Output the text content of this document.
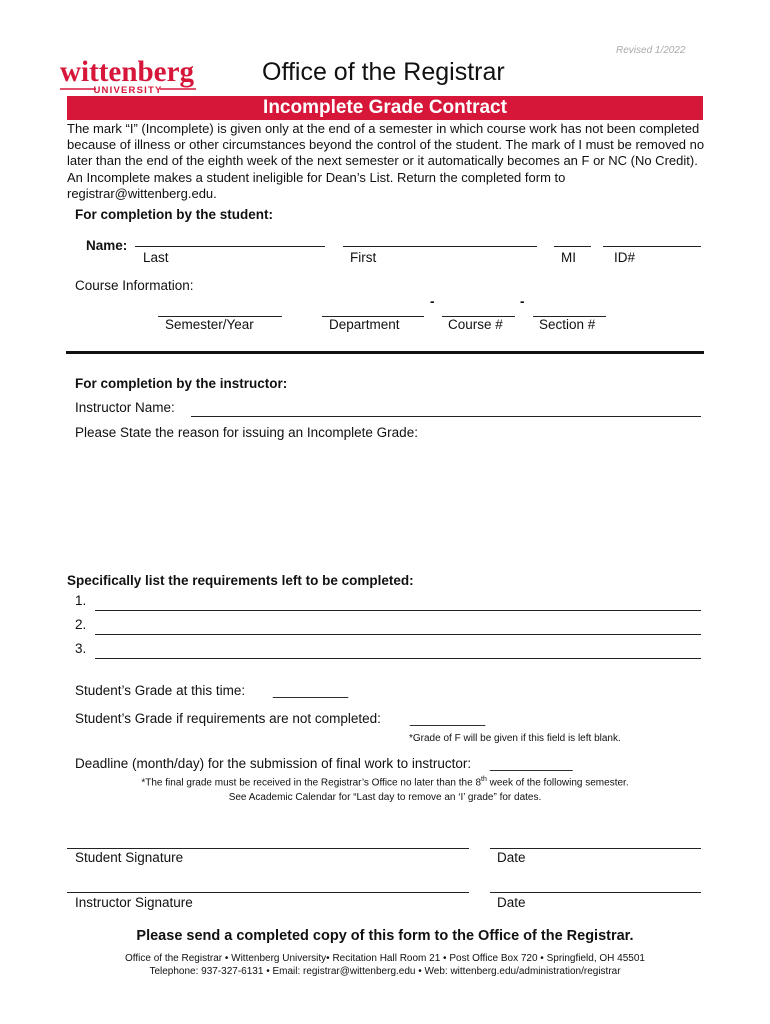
Revised 1/2022
wittenberg
UNIVERSITY
Office of the Registrar
Incomplete Grade Contract
The mark “I” (Incomplete) is given only at the end of a semester in which course work has not been completed because of illness or other circumstances beyond the control of the student. The mark of I must be removed no later than the end of the eighth week of the next semester or it automatically becomes an F or NC (No Credit). An Incomplete makes a student ineligible for Dean’s List. Return the completed form to registrar@wittenberg.edu.
For completion by the student:
Name:
Last	First	MI	ID#
Course Information:
-	-
Semester/Year	Department	Course #	Section #
For completion by the instructor:
Instructor Name:
Please State the reason for issuing an Incomplete Grade:
Specifically list the requirements left to be completed:
1.
2.
3.
Student’s Grade at this time: __________
Student’s Grade if requirements are not completed: __________
*Grade of F will be given if this field is left blank.
Deadline (month/day) for the submission of final work to instructor: ___________
*The final grade must be received in the Registrar’s Office no later than the 8th week of the following semester.
See Academic Calendar for “Last day to remove an ‘I’ grade” for dates.
Student Signature	Date
Instructor Signature	Date
Please send a completed copy of this form to the Office of the Registrar.
Office of the Registrar • Wittenberg University• Recitation Hall Room 21 • Post Office Box 720 • Springfield, OH 45501
Telephone: 937-327-6131 • Email: registrar@wittenberg.edu • Web: wittenberg.edu/administration/registrar
